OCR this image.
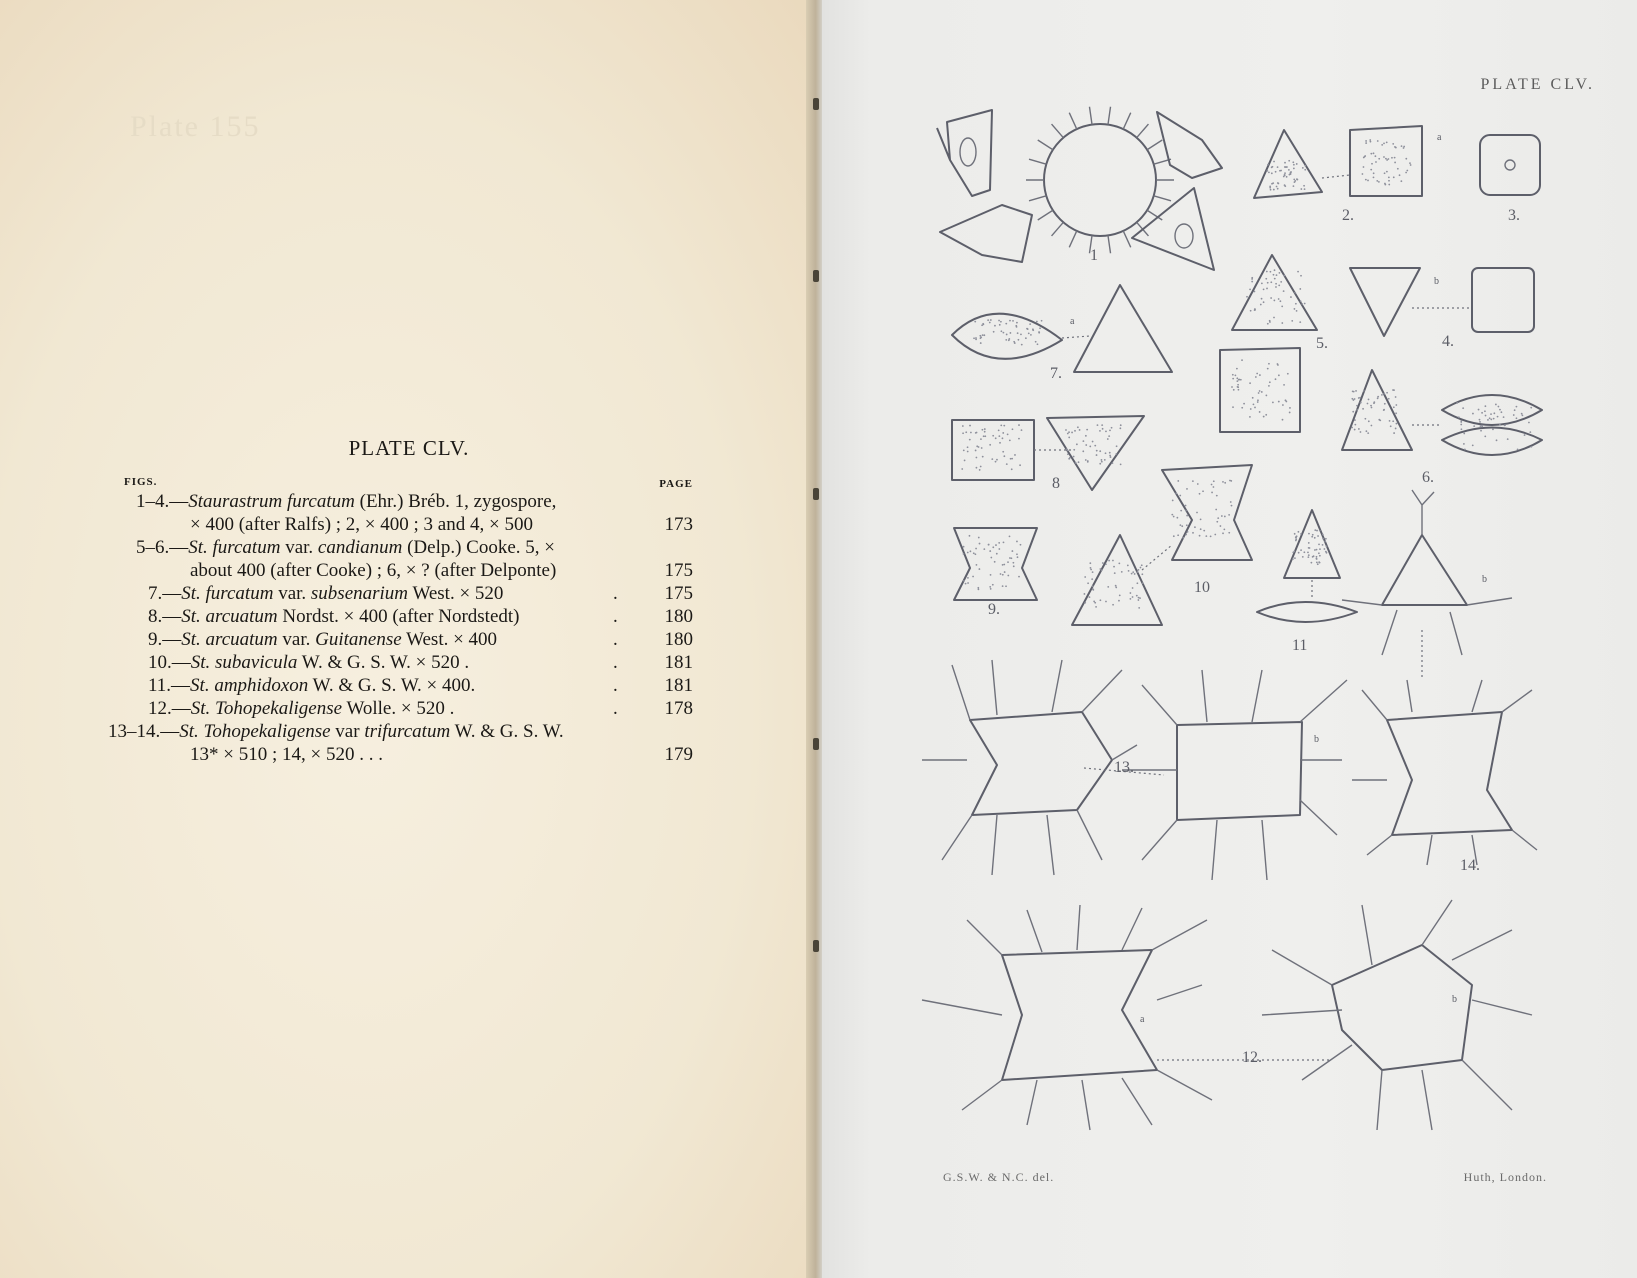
Plate 155
PLATE CLV.
FIGS.	PAGE
1–4.—Staurastrum furcatum (Ehr.) Bréb. 1, zygospore,
× 400 (after Ralfs) ; 2, × 400 ; 3 and 4, × 500	173
5–6.—St. furcatum var. candianum (Delp.) Cooke. 5, ×
about 400 (after Cooke) ; 6, × ? (after Delponte)	175
7.—St. furcatum var. subsenarium West. × 520	. 175
8.—St. arcuatum Nordst. × 400 (after Nordstedt)	. 180
9.—St. arcuatum var. Guitanense West. × 400	. 180
10.—St. subavicula W. & G. S. W. × 520 .	. 181
11.—St. amphidoxon W. & G. S. W. × 400.	. 181
12.—St. Tohopekaligense Wolle. × 520 .	. 178
13–14.—St. Tohopekaligense var trifurcatum W. & G. S. W.
13* × 510 ; 14, × 520 . . .	179
PLATE CLV.
1
2.	3.
5.	4.
7.
6.
8
10
9.
11
13.
14.
12.
a
a
b
b
b
a
b
G.S.W. & N.C. del.	Huth, London.
